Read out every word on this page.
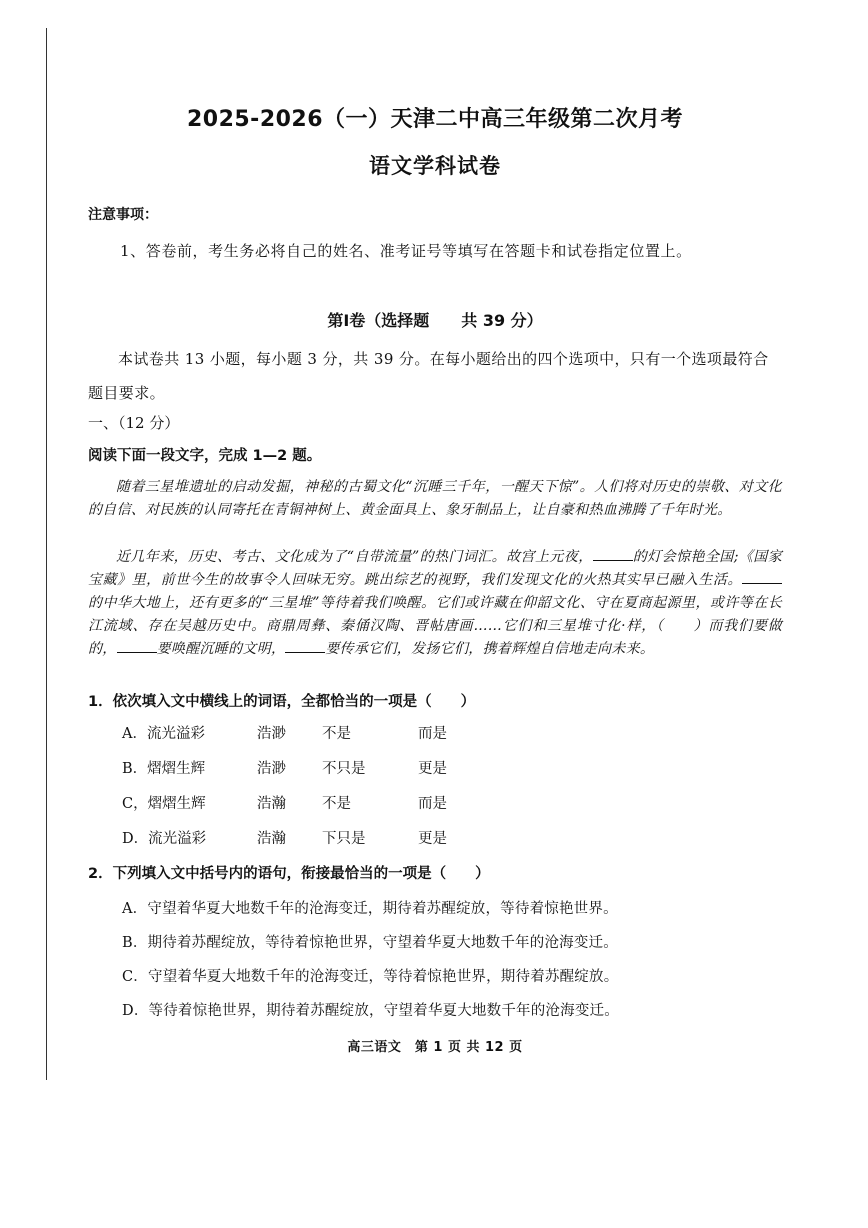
2025-2026（一）天津二中高三年级第二次月考
语文学科试卷
注意事项：
1、答卷前，考生务必将自己的姓名、准考证号等填写在答题卡和试卷指定位置上。
第Ⅰ卷（选择题　　共 39 分）
本试卷共 13 小题，每小题 3 分，共 39 分。在每小题给出的四个选项中，只有一个选项最符合题目要求。
一、（12 分）
阅读下面一段文字，完成 1—2 题。
随着三星堆遗址的启动发掘，神秘的古蜀文化“沉睡三千年，一醒天下惊”。人们将对历史的崇敬、对文化的自信、对民族的认同寄托在青铜神树上、黄金面具上、象牙制品上，让自豪和热血沸腾了千年时光。
近几年来，历史、考古、文化成为了“自带流量”的热门词汇。故宫上元夜，	的灯会惊艳全国;《国家宝藏》里，前世今生的故事令人回味无穷。跳出综艺的视野，我们发现文化的火热其实早已融入生活。的中华大地上，还有更多的“三星堆”等待着我们唤醒。它们或许藏在仰韶文化、守在夏商起源里，或许等在长江流域、存在吴越历史中。商鼎周彝、秦俑汉陶、晋帖唐画……它们和三星堆寸化·样，（　　）而我们要做的，	要唤醒沉睡的文明，	要传承它们，发扬它们，携着辉煌自信地走向未来。
1．依次填入文中横线上的词语，全都恰当的一项是（　　）
A．流光溢彩	浩渺	不是	而是
B．熠熠生辉	浩渺	不只是	更是
C，熠熠生辉	浩瀚	不是	而是
D．流光溢彩	浩瀚	下只是	更是
2．下列填入文中括号内的语句，衔接最恰当的一项是（　　）
A．守望着华夏大地数千年的沧海变迁，期待着苏醒绽放，等待着惊艳世界。
B．期待着苏醒绽放，等待着惊艳世界，守望着华夏大地数千年的沧海变迁。
C．守望着华夏大地数千年的沧海变迁，等待着惊艳世界，期待着苏醒绽放。
D．等待着惊艳世界，期待着苏醒绽放，守望着华夏大地数千年的沧海变迁。
高三语文　第 1 页 共 12 页
